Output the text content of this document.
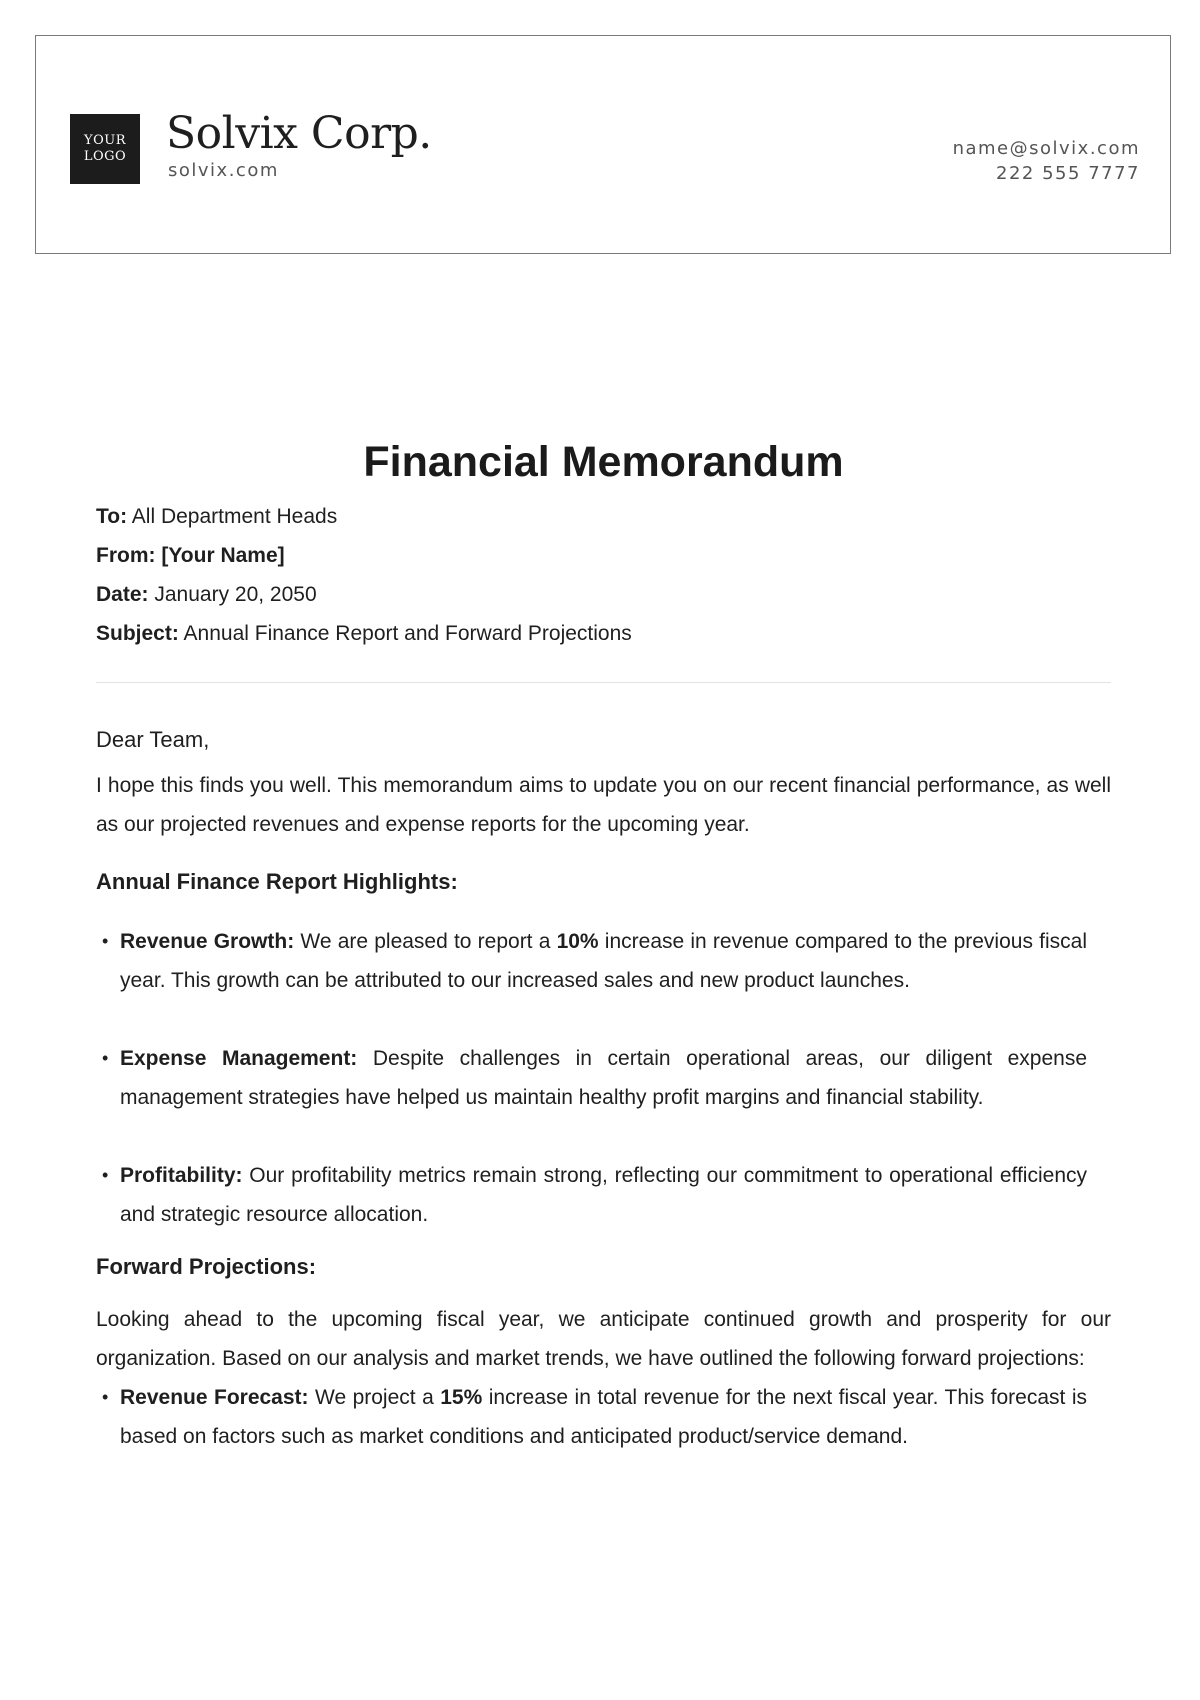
YOUR
LOGO Solvix Corp.
solvix.com
name@solvix.com
222 555 7777
Financial Memorandum
To: All Department Heads
From: [Your Name]
Date: January 20, 2050
Subject: Annual Finance Report and Forward Projections
Dear Team,

I hope this finds you well. This memorandum aims to update you on our recent financial performance, as well as our projected revenues and expense reports for the upcoming year.

Annual Finance Report Highlights:
• Revenue Growth: We are pleased to report a 10% increase in revenue compared to the previous fiscal year. This growth can be attributed to our increased sales and new product launches.
• Expense Management: Despite challenges in certain operational areas, our diligent expense management strategies have helped us maintain healthy profit margins and financial stability.
• Profitability: Our profitability metrics remain strong, reflecting our commitment to operational efficiency and strategic resource allocation.
Forward Projections:

Looking ahead to the upcoming fiscal year, we anticipate continued growth and prosperity for our organization. Based on our analysis and market trends, we have outlined the following forward projections:

• Revenue Forecast: We project a 15% increase in total revenue for the next fiscal year. This forecast is based on factors such as market conditions and anticipated product/service demand.
